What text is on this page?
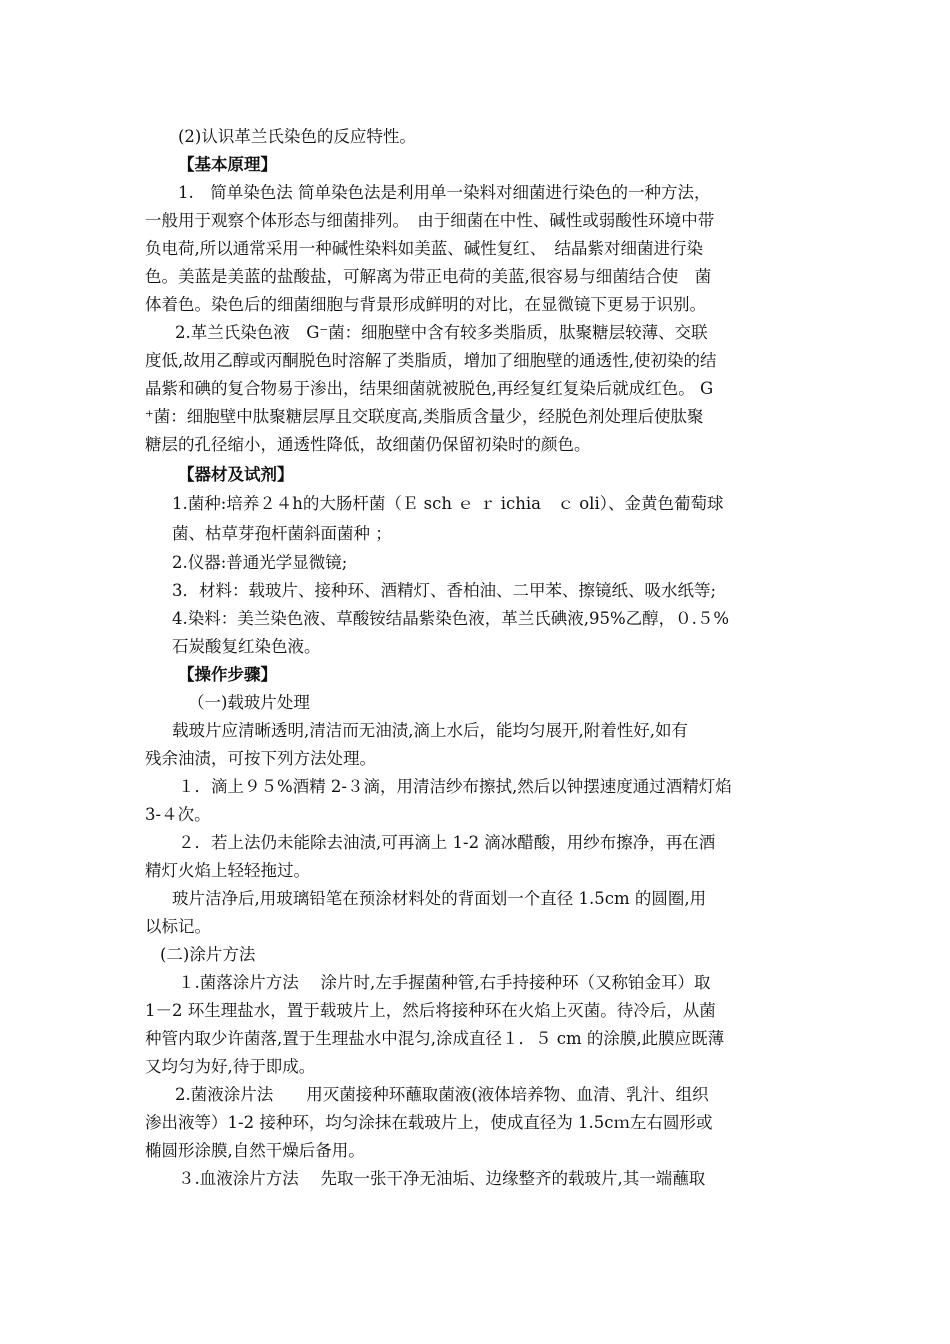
(2)认识革兰氏染色的反应特性。
【基本原理】
1.　简单染色法 简单染色法是利用单一染料对细菌进行染色的一种方法，
一般用于观察个体形态与细菌排列。　由于细菌在中性、碱性或弱酸性环境中带
负电荷,所以通常采用一种碱性染料如美蓝、碱性复红、　结晶紫对细菌进行染
色。美蓝是美蓝的盐酸盐，可解离为带正电荷的美蓝,很容易与细菌结合使　菌
体着色。染色后的细菌细胞与背景形成鲜明的对比，在显微镜下更易于识别。
2.革兰氏染色液　G⁻菌：细胞壁中含有较多类脂质，肽聚糖层较薄、交联
度低,故用乙醇或丙酮脱色时溶解了类脂质，增加了细胞壁的通透性,使初染的结
晶紫和碘的复合物易于渗出，结果细菌就被脱色,再经复红复染后就成红色。 G
⁺菌：细胞壁中肽聚糖层厚且交联度高,类脂质含量少，经脱色剂处理后使肽聚
糖层的孔径缩小，通透性降低，故细菌仍保留初染时的颜色。
【器材及试剂】
1.菌种:培养２４h的大肠杆菌（Ｅ sch ｅ ｒ ichia　ｃ oli）、金黄色葡萄球
菌、枯草芽孢杆菌斜面菌种 ；
2.仪器:普通光学显微镜;
3．材料：载玻片、接种环、酒精灯、香柏油、二甲苯、擦镜纸、吸水纸等;
4.染料：美兰染色液、草酸铵结晶紫染色液，革兰氏碘液,95%乙醇，０.５%
石炭酸复红染色液。
【操作步骤】
（一)载玻片处理
载玻片应清晰透明,清洁而无油渍,滴上水后，能均匀展开,附着性好,如有
残余油渍，可按下列方法处理。
１．滴上９５%酒精 2-３滴，用清洁纱布擦拭,然后以钟摆速度通过酒精灯焰
3-４次。
２．若上法仍未能除去油渍,可再滴上 1-2 滴冰醋酸，用纱布擦净，再在酒
精灯火焰上轻轻拖过。
玻片洁净后,用玻璃铅笔在预涂材料处的背面划一个直径 1.5cm 的圆圈,用
以标记。
(二)涂片方法
１.菌落涂片方法　 涂片时,左手握菌种管,右手持接种环（又称铂金耳）取
1－2 环生理盐水，置于载玻片上，然后将接种环在火焰上灭菌。待冷后，从菌
种管内取少许菌落,置于生理盐水中混匀,涂成直径１．５ cm 的涂膜,此膜应既薄
又均匀为好,待于即成。
2.菌液涂片法　　用灭菌接种环蘸取菌液(液体培养物、血清、乳汁、组织
渗出液等）1-2 接种环，均匀涂抹在载玻片上，使成直径为 1.5cｍ左右圆形或
椭圆形涂膜,自然干燥后备用。
３.血液涂片方法　 先取一张干净无油垢、边缘整齐的载玻片,其一端蘸取
